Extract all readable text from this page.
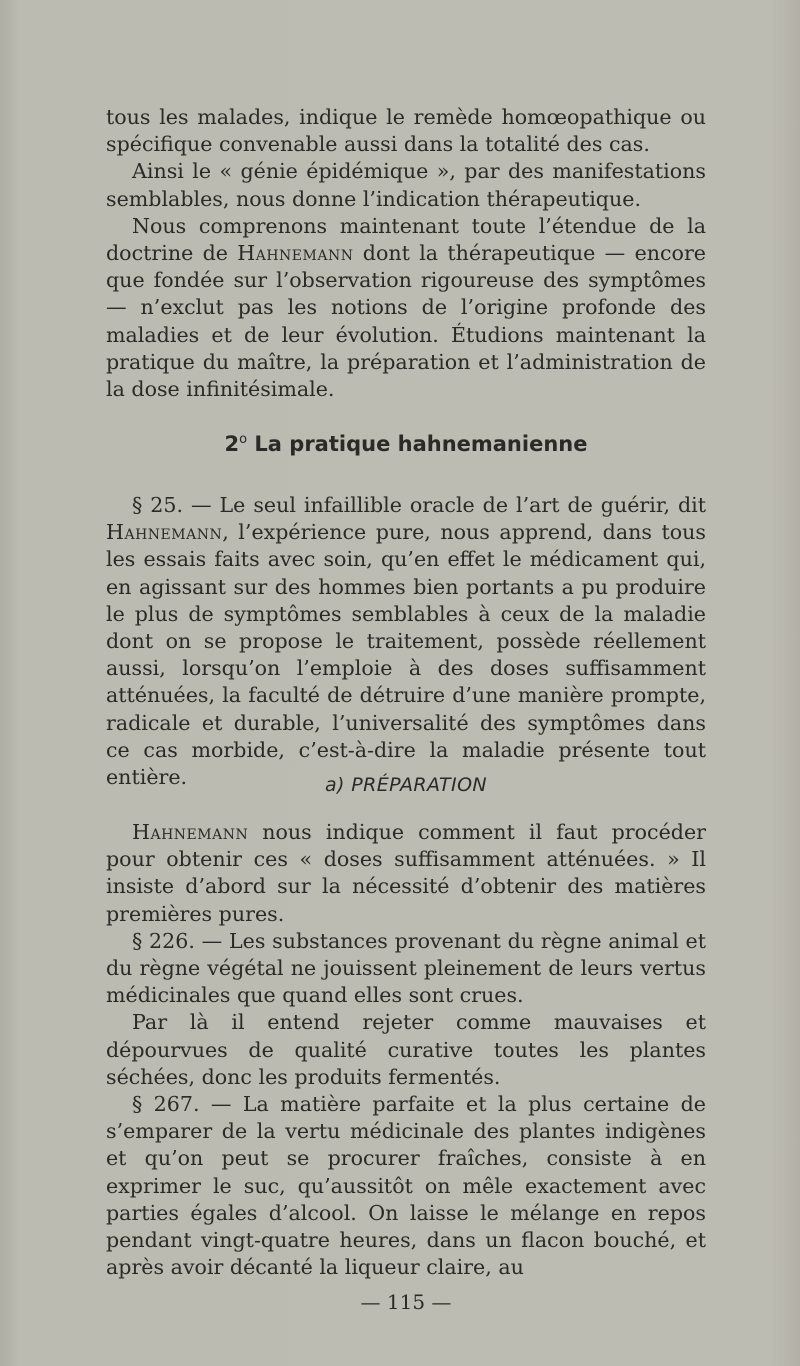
tous les malades, indique le remède homœopathique ou spécifique convenable aussi dans la totalité des cas.

Ainsi le « génie épidémique », par des manifestations semblables, nous donne l’indication thérapeutique.

Nous comprenons maintenant toute l’étendue de la doctrine de Hahnemann dont la thérapeutique — encore que fondée sur l’observation rigoureuse des symptômes — n’exclut pas les notions de l’origine profonde des maladies et de leur évolution. Étudions maintenant la pratique du maître, la préparation et l’administration de la dose infinitésimale.

2$^o$ La pratique hahnemanienne

§ 25. — Le seul infaillible oracle de l’art de guérir, dit Hahnemann, l’expérience pure, nous apprend, dans tous les essais faits avec soin, qu’en effet le médicament qui, en agissant sur des hommes bien portants a pu produire le plus de symptômes semblables à ceux de la maladie dont on se propose le traitement, possède réellement aussi, lorsqu’on l’emploie à des doses suffisamment atténuées, la faculté de détruire d’une manière prompte, radicale et durable, l’universalité des symptômes dans ce cas morbide, c’est-à-dire la maladie présente tout entière.	a) PRÉPARATION

Hahnemann nous indique comment il faut procéder pour obtenir ces « doses suffisamment atténuées. » Il insiste d’abord sur la nécessité d’obtenir des matières premières pures.

§ 226. — Les substances provenant du règne animal et du règne végétal ne jouissent pleinement de leurs vertus médicinales que quand elles sont crues.

Par là il entend rejeter comme mauvaises et dépourvues de qualité curative toutes les plantes séchées, donc les produits fermentés.

§ 267. — La matière parfaite et la plus certaine de s’emparer de la vertu médicinale des plantes indigènes et qu’on peut se procurer fraîches, consiste à en exprimer le suc, qu’aussitôt on mêle exactement avec parties égales d’alcool. On laisse le mélange en repos pendant vingt-quatre heures, dans un flacon bouché, et après avoir décanté la liqueur claire, au

— 115 —
